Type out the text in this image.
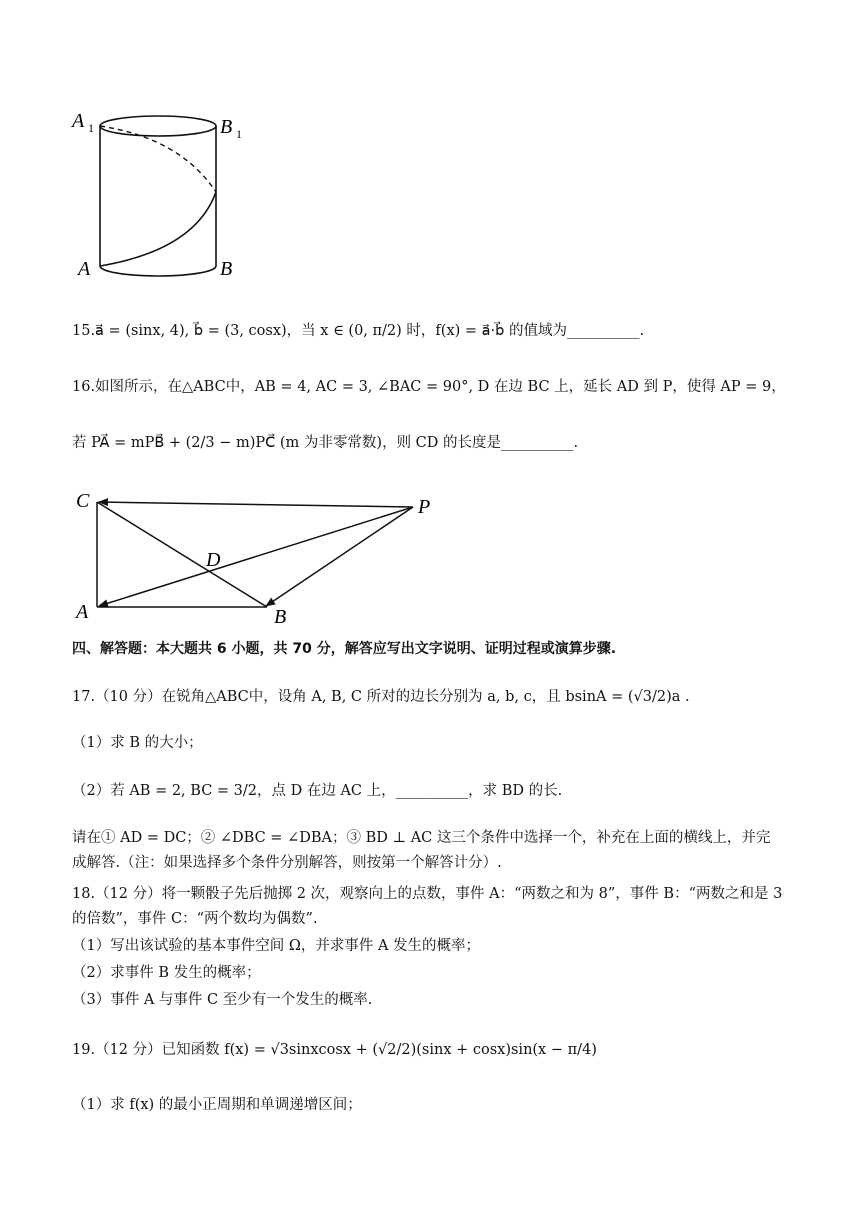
A 1	B 1
A	B
15.a⃗ = (sinx, 4), b⃗ = (3, cosx)，当 x ∈ (0, π/2) 时，f(x) = a⃗·b⃗ 的值域为__________.
16.如图所示，在△ABC中，AB = 4, AC = 3, ∠BAC = 90°, D 在边 BC 上，延长 AD 到 P，使得 AP = 9，
若 PA⃗ = mPB⃗ + (2/3 − m)PC⃗ (m 为非零常数)，则 CD 的长度是__________.
C	P
D
A	B
四、解答题：本大题共 6 小题，共 70 分，解答应写出文字说明、证明过程或演算步骤.
17.（10 分）在锐角△ABC中，设角 A, B, C 所对的边长分别为 a, b, c，且 bsinA = (√3/2)a .
（1）求 B 的大小；
（2）若 AB = 2, BC = 3/2，点 D 在边 AC 上，__________，求 BD 的长.
请在① AD = DC；② ∠DBC = ∠DBA；③ BD ⊥ AC 这三个条件中选择一个，补充在上面的横线上，并完
成解答.（注：如果选择多个条件分别解答，则按第一个解答计分）.
18.（12 分）将一颗骰子先后抛掷 2 次，观察向上的点数，事件 A：“两数之和为 8”，事件 B：“两数之和是 3
的倍数”，事件 C：“两个数均为偶数”.
（1）写出该试验的基本事件空间 Ω，并求事件 A 发生的概率；
（2）求事件 B 发生的概率；
（3）事件 A 与事件 C 至少有一个发生的概率.
19.（12 分）已知函数 f(x) = √3sinxcosx + (√2/2)(sinx + cosx)sin(x − π/4)
（1）求 f(x) 的最小正周期和单调递增区间；
